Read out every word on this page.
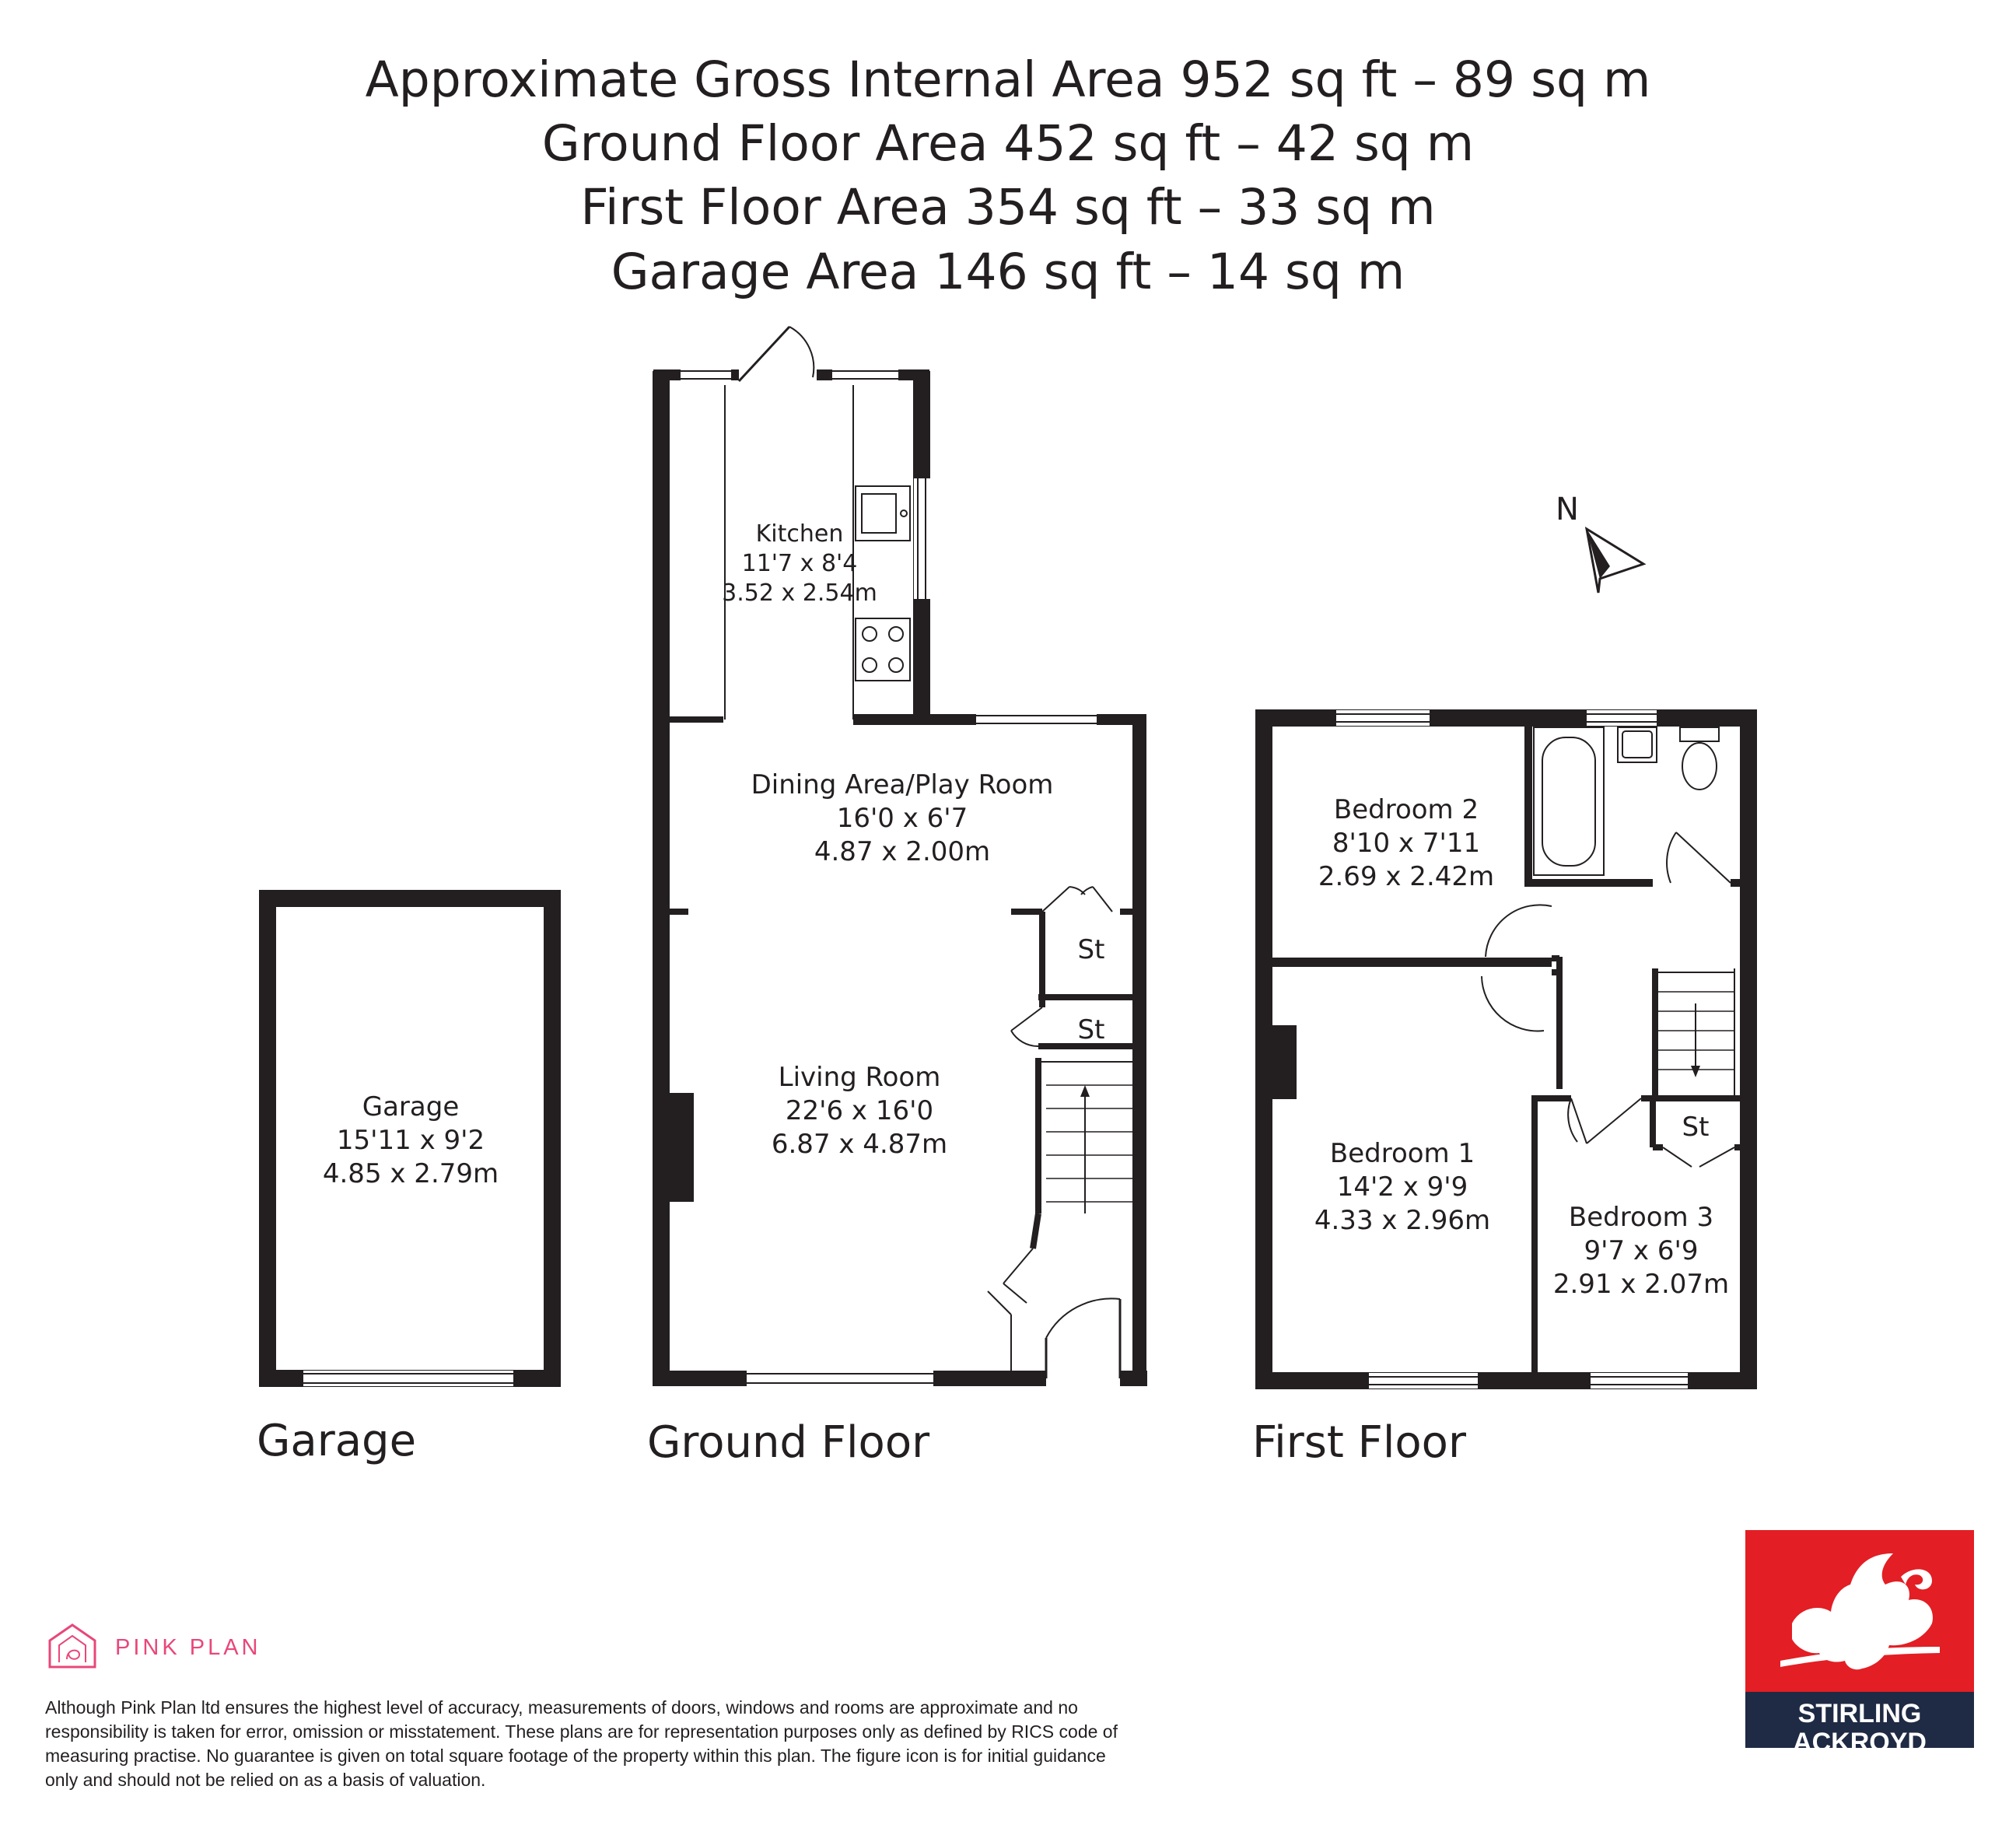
Approximate Gross Internal Area 952 sq ft – 89 sq m
Ground Floor Area 452 sq ft – 42 sq m
First Floor Area 354 sq ft – 33 sq m
Garage Area 146 sq ft – 14 sq m
N
Garage
15'11 x 9'2
4.85 x 2.79m
Kitchen
11'7 x 8'4
3.52 x 2.54m
Dining Area/Play Room
16'0 x 6'7
4.87 x 2.00m
Living Room
22'6 x 16'0
6.87 x 4.87m
St
St
Bedroom 2
8'10 x 7'11
2.69 x 2.42m
Bedroom 1
14'2 x 9'9
4.33 x 2.96m	Bedroom 3
9'7 x 6'9
2.91 x 2.07m
St
Garage	Ground Floor	First Floor
PINK PLAN
Although Pink Plan ltd ensures the highest level of accuracy, measurements of doors, windows and rooms are approximate and no responsibility is taken for error, omission or misstatement. These plans are for representation purposes only as defined by RICS code of measuring practise. No guarantee is given on total square footage of the property within this plan. The figure icon is for initial guidance only and should not be relied on as a basis of valuation.
STIRLING
ACKROYD
